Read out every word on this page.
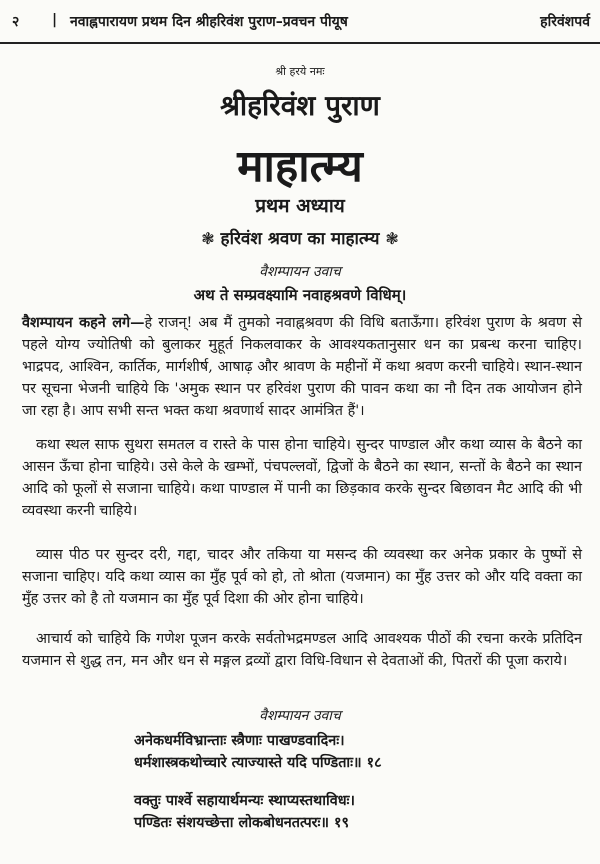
२ | नवाह्नपारायण प्रथम दिन श्रीहरिवंश पुराण–प्रवचन पीयूष	हरिवंशपर्व
श्री हरये नमः
श्रीहरिवंश पुराण
माहात्म्य
प्रथम अध्याय
❃ हरिवंश श्रवण का माहात्म्य ❃
वैशम्पायन उवाच
अथ ते सम्प्रवक्ष्यामि नवाहश्रवणे विधिम्।
वैशम्पायन कहने लगे—हे राजन्! अब मैं तुमको नवाह्नश्रवण की विधि बताऊँगा। हरिवंश पुराण के श्रवण से पहले योग्य ज्योतिषी को बुलाकर मुहूर्त निकलवाकर के आवश्यकतानुसार धन का प्रबन्ध करना चाहिए। भाद्रपद, आश्विन, कार्तिक, मार्गशीर्ष, आषाढ़ और श्रावण के महीनों में कथा श्रवण करनी चाहिये। स्थान-स्थान पर सूचना भेजनी चाहिये कि 'अमुक स्थान पर हरिवंश पुराण की पावन कथा का नौ दिन तक आयोजन होने जा रहा है। आप सभी सन्त भक्त कथा श्रवणार्थ सादर आमंत्रित हैं'।
कथा स्थल साफ सुथरा समतल व रास्ते के पास होना चाहिये। सुन्दर पाण्डाल और कथा व्यास के बैठने का आसन ऊँचा होना चाहिये। उसे केले के खम्भों, पंचपल्लवों, द्विजों के बैठने का स्थान, सन्तों के बैठने का स्थान आदि को फूलों से सजाना चाहिये। कथा पाण्डाल में पानी का छिड़काव करके सुन्दर बिछावन मैट आदि की भी व्यवस्था करनी चाहिये।
व्यास पीठ पर सुन्दर दरी, गद्दा, चादर और तकिया या मसन्द की व्यवस्था कर अनेक प्रकार के पुष्पों से सजाना चाहिए। यदि कथा व्यास का मुँह पूर्व को हो, तो श्रोता (यजमान) का मुँह उत्तर को और यदि वक्ता का मुँह उत्तर को है तो यजमान का मुँह पूर्व दिशा की ओर होना चाहिये।
आचार्य को चाहिये कि गणेश पूजन करके सर्वतोभद्रमण्डल आदि आवश्यक पीठों की रचना करके प्रतिदिन यजमान से शुद्ध तन, मन और धन से मङ्गल द्रव्यों द्वारा विधि-विधान से देवताओं की, पितरों की पूजा कराये।
वैशम्पायन उवाच
अनेकधर्मविभ्रान्ताः स्त्रैणाः पाखण्डवादिनः।
धर्मशास्त्रकथोच्चारे त्याज्यास्ते यदि पण्डिताः॥ १८
वक्तुः पार्श्वे सहायार्थमन्यः स्थाप्यस्तथाविधः।
पण्डितः संशयच्छेत्ता लोकबोधनतत्परः॥ १९
